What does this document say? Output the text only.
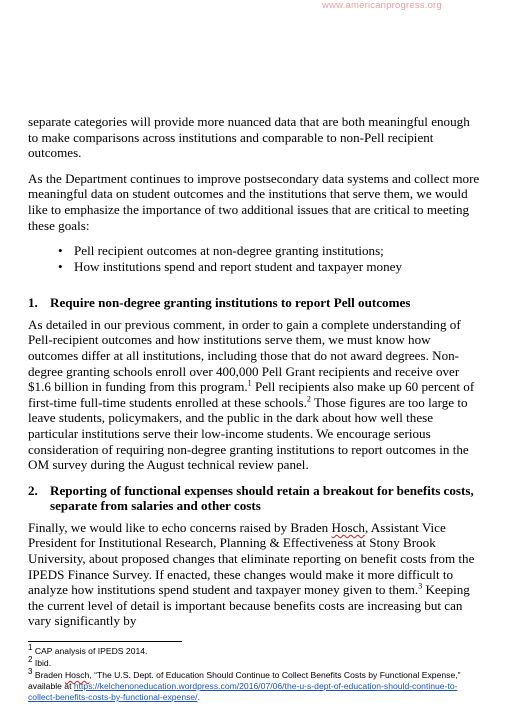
www.americanprogress.org

separate categories will provide more nuanced data that are both meaningful enough to make comparisons across institutions and comparable to non-Pell recipient outcomes.

As the Department continues to improve postsecondary data systems and collect more meaningful data on student outcomes and the institutions that serve them, we would like to emphasize the importance of two additional issues that are critical to meeting these goals:

• Pell recipient outcomes at non-degree granting institutions;
• How institutions spend and report student and taxpayer money
1. Require non-degree granting institutions to report Pell outcomes

As detailed in our previous comment, in order to gain a complete understanding of Pell-recipient outcomes and how institutions serve them, we must know how outcomes differ at all institutions, including those that do not award degrees. Non-degree granting schools enroll over 400,000 Pell Grant recipients and receive over $1.6 billion in funding from this program.$^1$ Pell recipients also make up 60 percent of first-time full-time students enrolled at these schools.$^2$ Those figures are too large to leave students, policymakers, and the public in the dark about how well these particular institutions serve their low-income students. We encourage serious consideration of requiring non-degree granting institutions to report outcomes in the OM survey during the August technical review panel.

2. Reporting of functional expenses should retain a breakout for benefits costs, separate from salaries and other costs

Finally, we would like to echo concerns raised by Braden Hosch, Assistant Vice President for Institutional Research, Planning & Effectiveness at Stony Brook University, about proposed changes that eliminate reporting on benefit costs from the IPEDS Finance Survey. If enacted, these changes would make it more difficult to analyze how institutions spend student and taxpayer money given to them.$^3$ Keeping the current level of detail is important because benefits costs are increasing but can vary significantly by

$^1$ CAP analysis of IPEDS 2014.
$^2$ Ibid.
$^3$ Braden Hosch, “The U.S. Dept. of Education Should Continue to Collect Benefits Costs by Functional Expense,” available at https://kelchenoneducation.wordpress.com/2016/07/06/the-u-s-dept-of-education-should-continue-to-collect-benefits-costs-by-functional-expense/.
